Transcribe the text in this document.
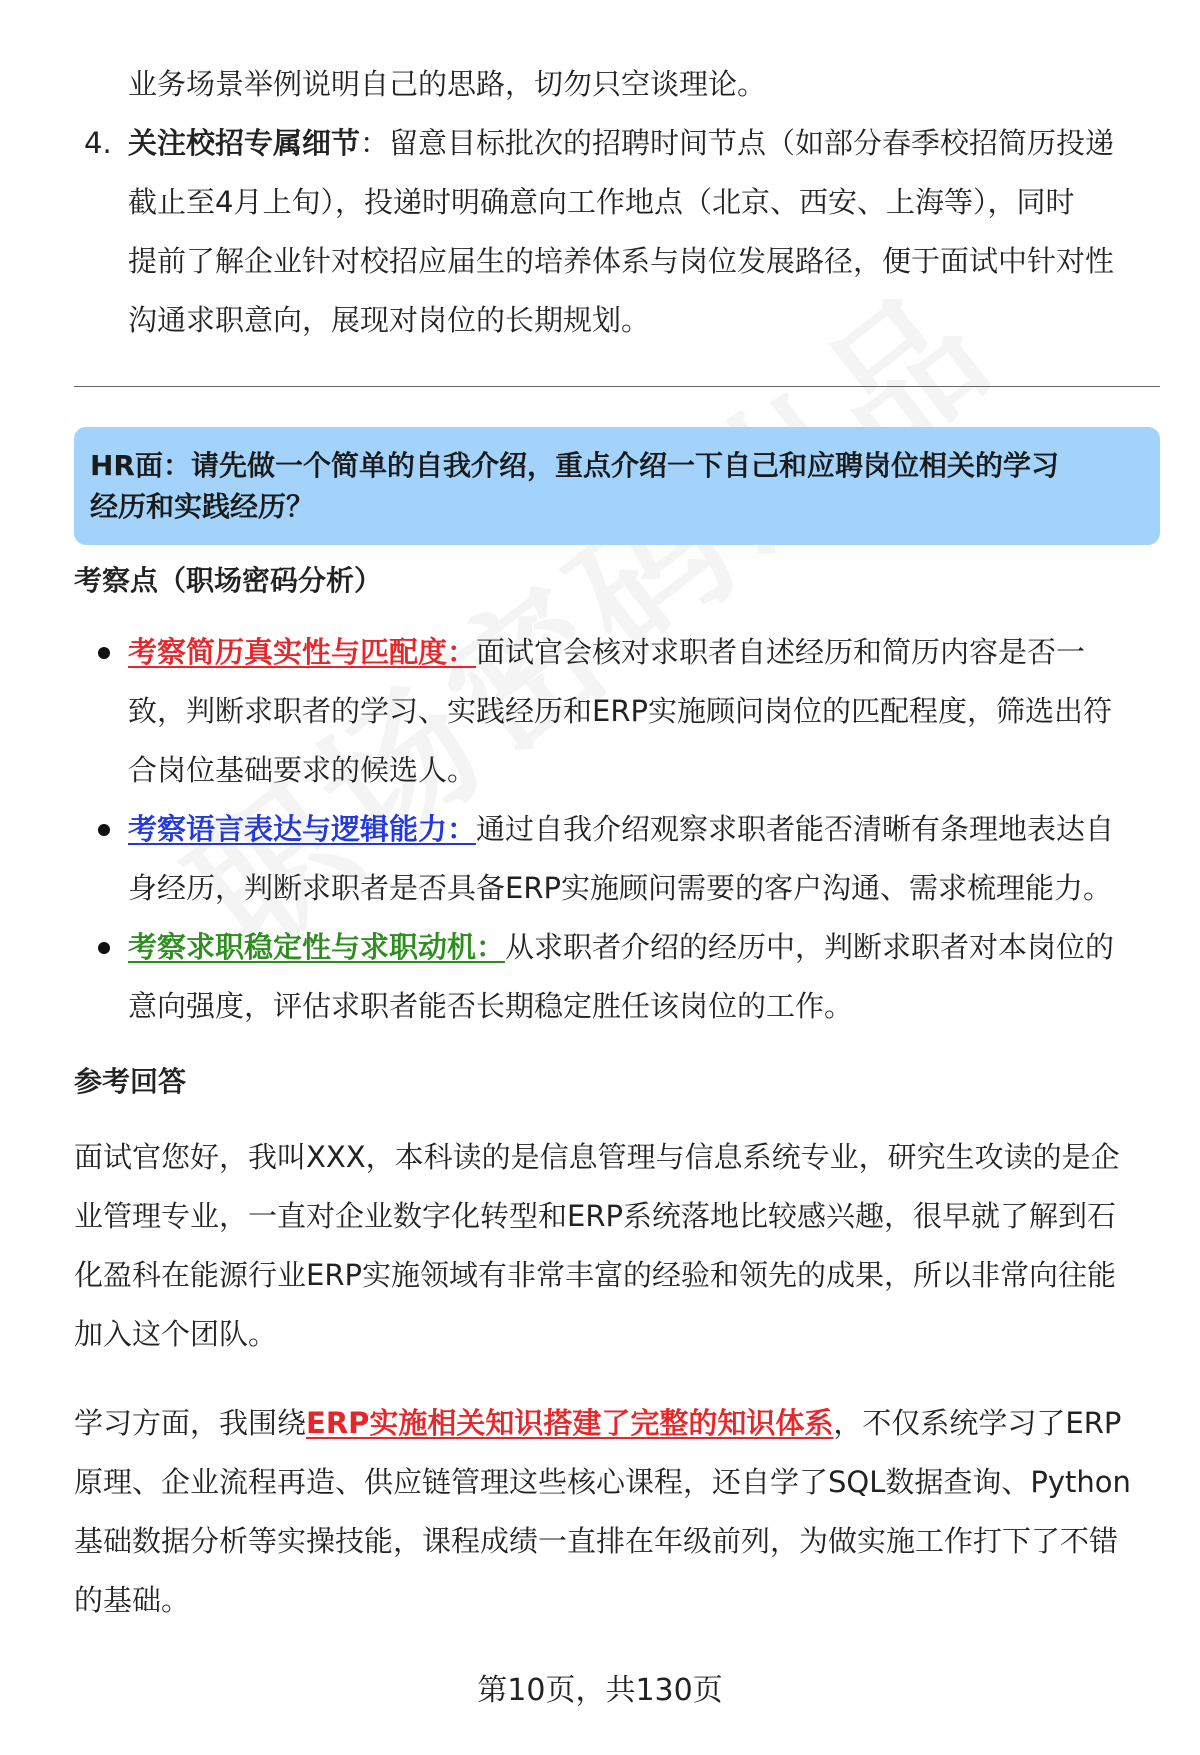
业务场景举例说明自己的思路，切勿只空谈理论。
4. 关注校招专属细节：留意目标批次的招聘时间节点（如部分春季校招简历投递
截止至4月上旬），投递时明确意向工作地点（北京、西安、上海等），同时
提前了解企业针对校招应届生的培养体系与岗位发展路径，便于面试中针对性
沟通求职意向，展现对岗位的长期规划。
HR面：请先做一个简单的自我介绍，重点介绍一下自己和应聘岗位相关的学习
经历和实践经历？
考察点（职场密码分析）
考察简历真实性与匹配度：面试官会核对求职者自述经历和简历内容是否一
致，判断求职者的学习、实践经历和ERP实施顾问岗位的匹配程度，筛选出符
合岗位基础要求的候选人。
考察语言表达与逻辑能力：通过自我介绍观察求职者能否清晰有条理地表达自
身经历，判断求职者是否具备ERP实施顾问需要的客户沟通、需求梳理能力。
考察求职稳定性与求职动机：从求职者介绍的经历中，判断求职者对本岗位的
意向强度，评估求职者能否长期稳定胜任该岗位的工作。
参考回答
面试官您好，我叫XXX，本科读的是信息管理与信息系统专业，研究生攻读的是企
业管理专业，一直对企业数字化转型和ERP系统落地比较感兴趣，很早就了解到石
化盈科在能源行业ERP实施领域有非常丰富的经验和领先的成果，所以非常向往能
加入这个团队。
学习方面，我围绕ERP实施相关知识搭建了完整的知识体系，不仅系统学习了ERP
原理、企业流程再造、供应链管理这些核心课程，还自学了SQL数据查询、Python
基础数据分析等实操技能，课程成绩一直排在年级前列，为做实施工作打下了不错
的基础。
第10页，共130页
